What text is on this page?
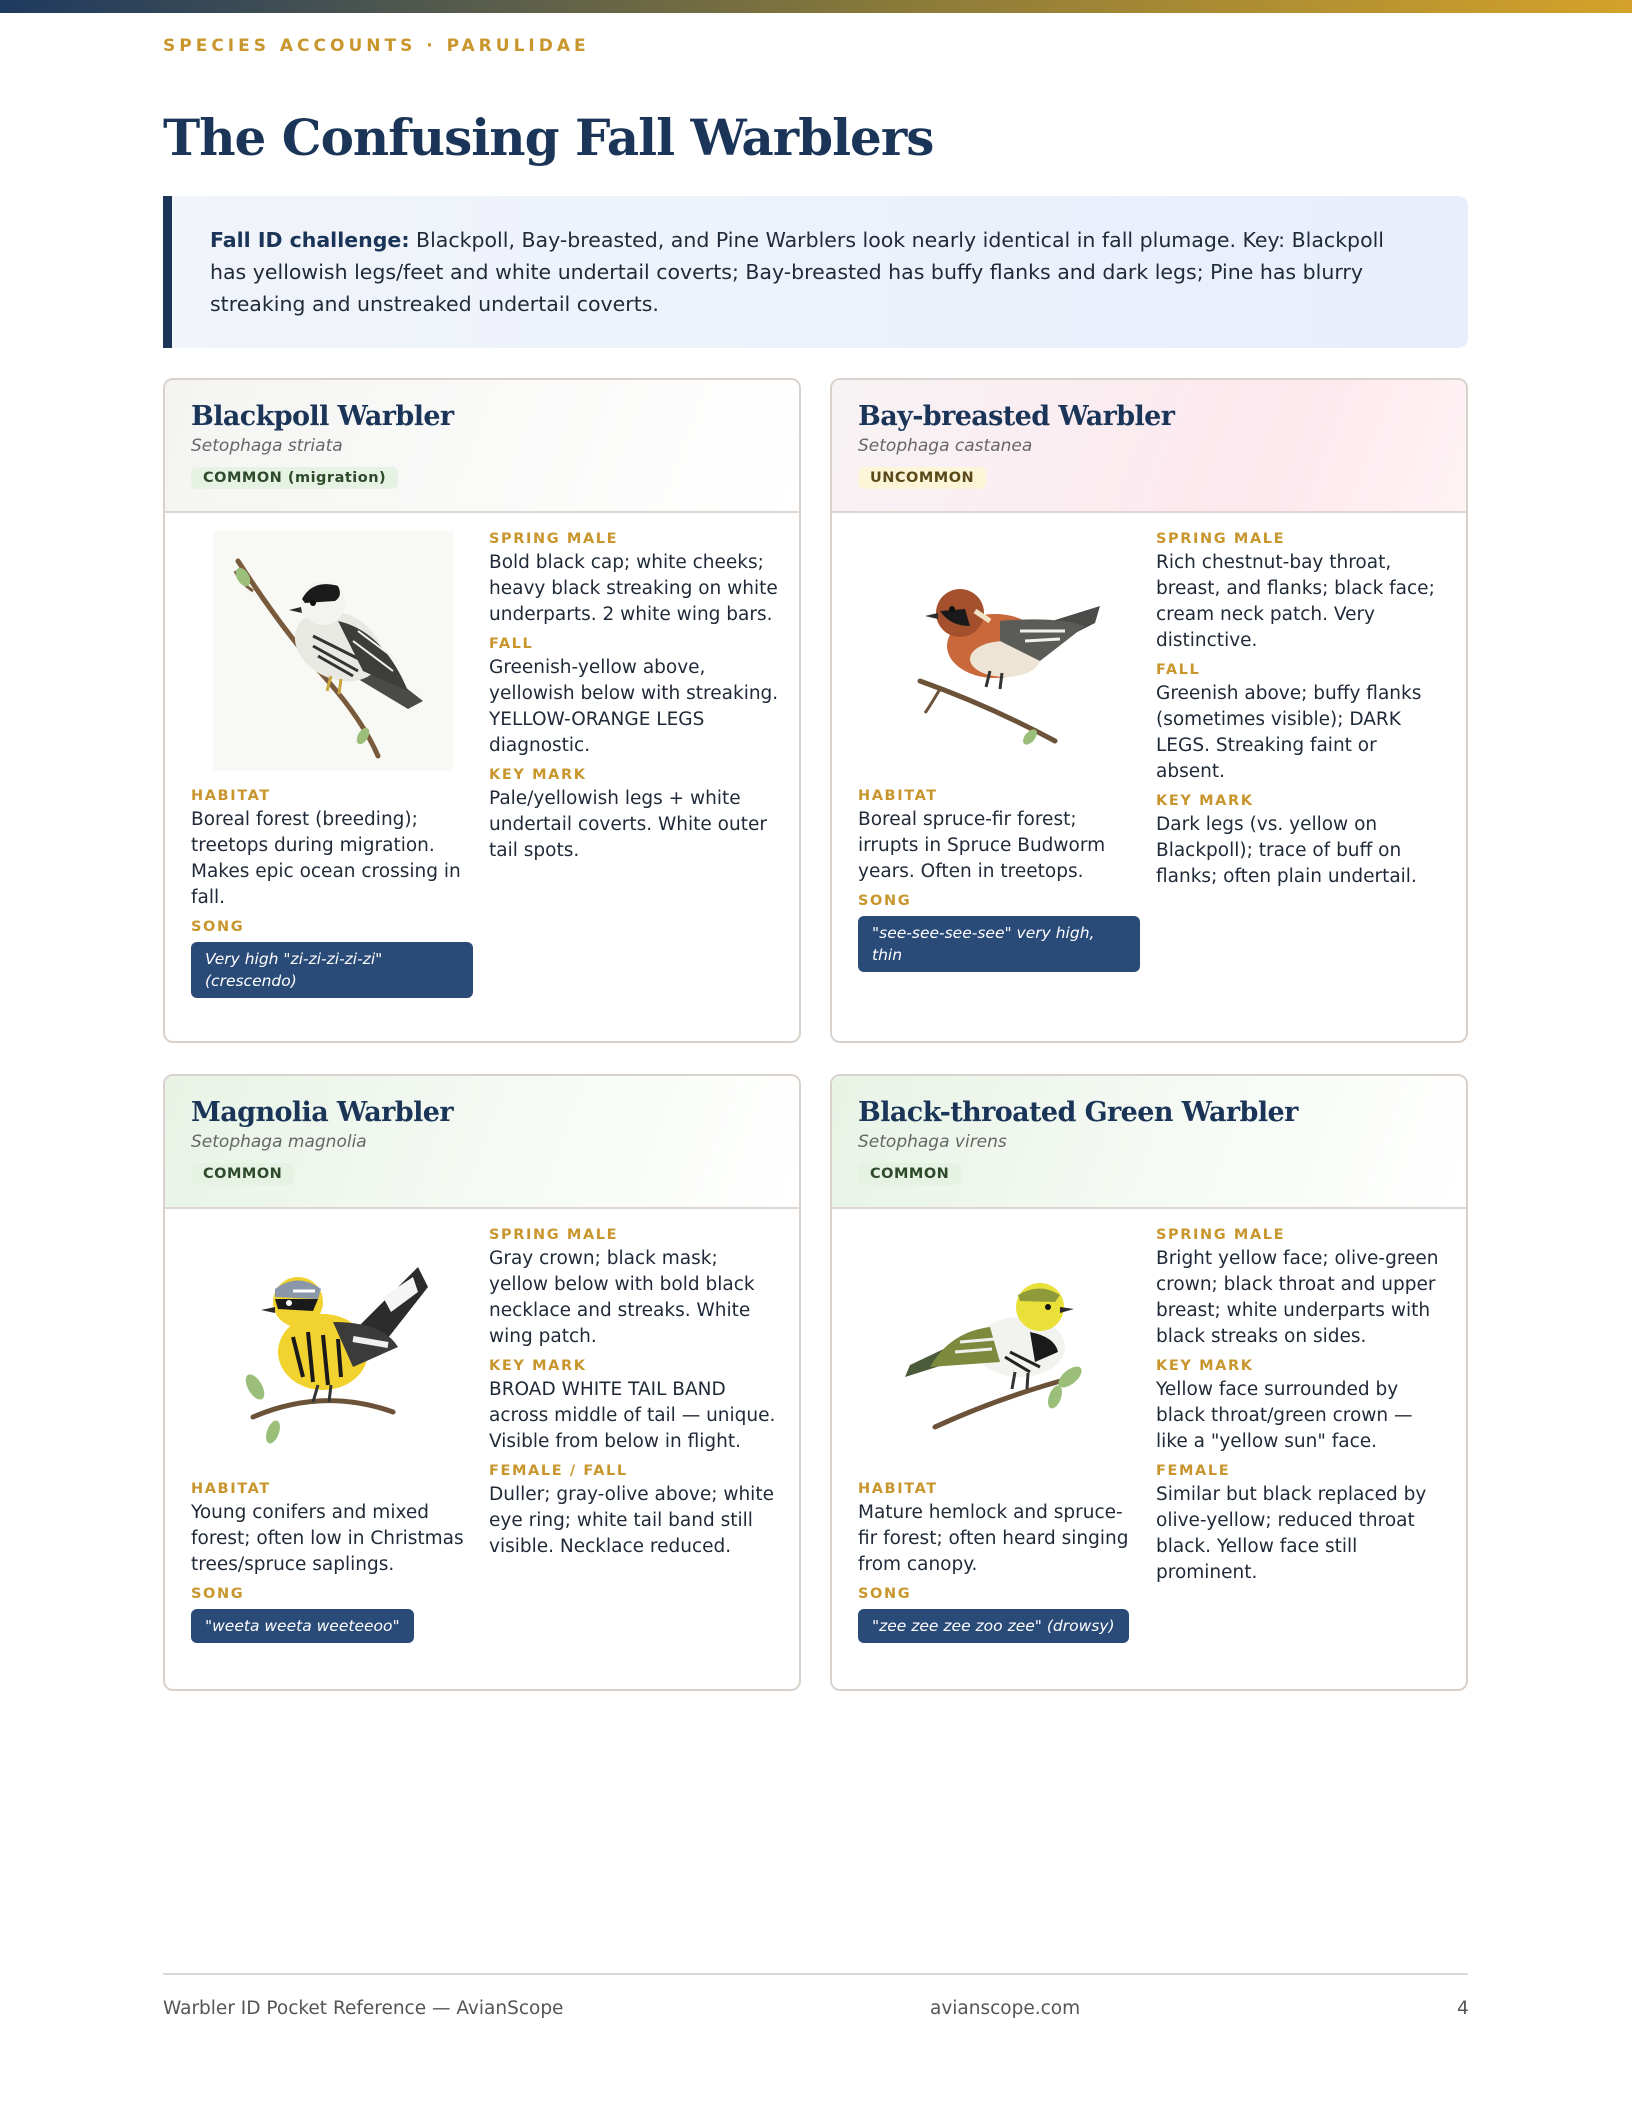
SPECIES ACCOUNTS · PARULIDAE
The Confusing Fall Warblers
Fall ID challenge: Blackpoll, Bay-breasted, and Pine Warblers look nearly identical in fall plumage. Key: Blackpoll has yellowish legs/feet and white undertail coverts; Bay-breasted has buffy flanks and dark legs; Pine has blurry streaking and unstreaked undertail coverts.
Blackpoll Warbler
Setophaga striata
COMMON (migration)
HABITAT
Boreal forest (breeding); treetops during migration. Makes epic ocean crossing in fall.
SONG
Very high "zi-zi-zi-zi-zi" (crescendo)
SPRING MALE
Bold black cap; white cheeks; heavy black streaking on white underparts. 2 white wing bars.
FALL
Greenish-yellow above, yellowish below with streaking. YELLOW-ORANGE LEGS diagnostic.
KEY MARK
Pale/yellowish legs + white undertail coverts. White outer tail spots.
Bay-breasted Warbler
Setophaga castanea
UNCOMMON
HABITAT
Boreal spruce-fir forest; irrupts in Spruce Budworm years. Often in treetops.
SONG
"see-see-see-see" very high, thin
SPRING MALE
Rich chestnut-bay throat, breast, and flanks; black face; cream neck patch. Very distinctive.
FALL
Greenish above; buffy flanks (sometimes visible); DARK LEGS. Streaking faint or absent.
KEY MARK
Dark legs (vs. yellow on Blackpoll); trace of buff on flanks; often plain undertail.
Magnolia Warbler
Setophaga magnolia
COMMON
HABITAT
Young conifers and mixed forest; often low in Christmas trees/spruce saplings.
SONG
"weeta weeta weeteeoo"
SPRING MALE
Gray crown; black mask; yellow below with bold black necklace and streaks. White wing patch.
KEY MARK
BROAD WHITE TAIL BAND across middle of tail — unique. Visible from below in flight.
FEMALE / FALL
Duller; gray-olive above; white eye ring; white tail band still visible. Necklace reduced.
Black-throated Green Warbler
Setophaga virens
COMMON
HABITAT
Mature hemlock and spruce-fir forest; often heard singing from canopy.
SONG
"zee zee zee zoo zee" (drowsy)
SPRING MALE
Bright yellow face; olive-green crown; black throat and upper breast; white underparts with black streaks on sides.
KEY MARK
Yellow face surrounded by black throat/green crown — like a "yellow sun" face.
FEMALE
Similar but black replaced by olive-yellow; reduced throat black. Yellow face still prominent.
Warbler ID Pocket Reference — AvianScope	avianscope.com	4
